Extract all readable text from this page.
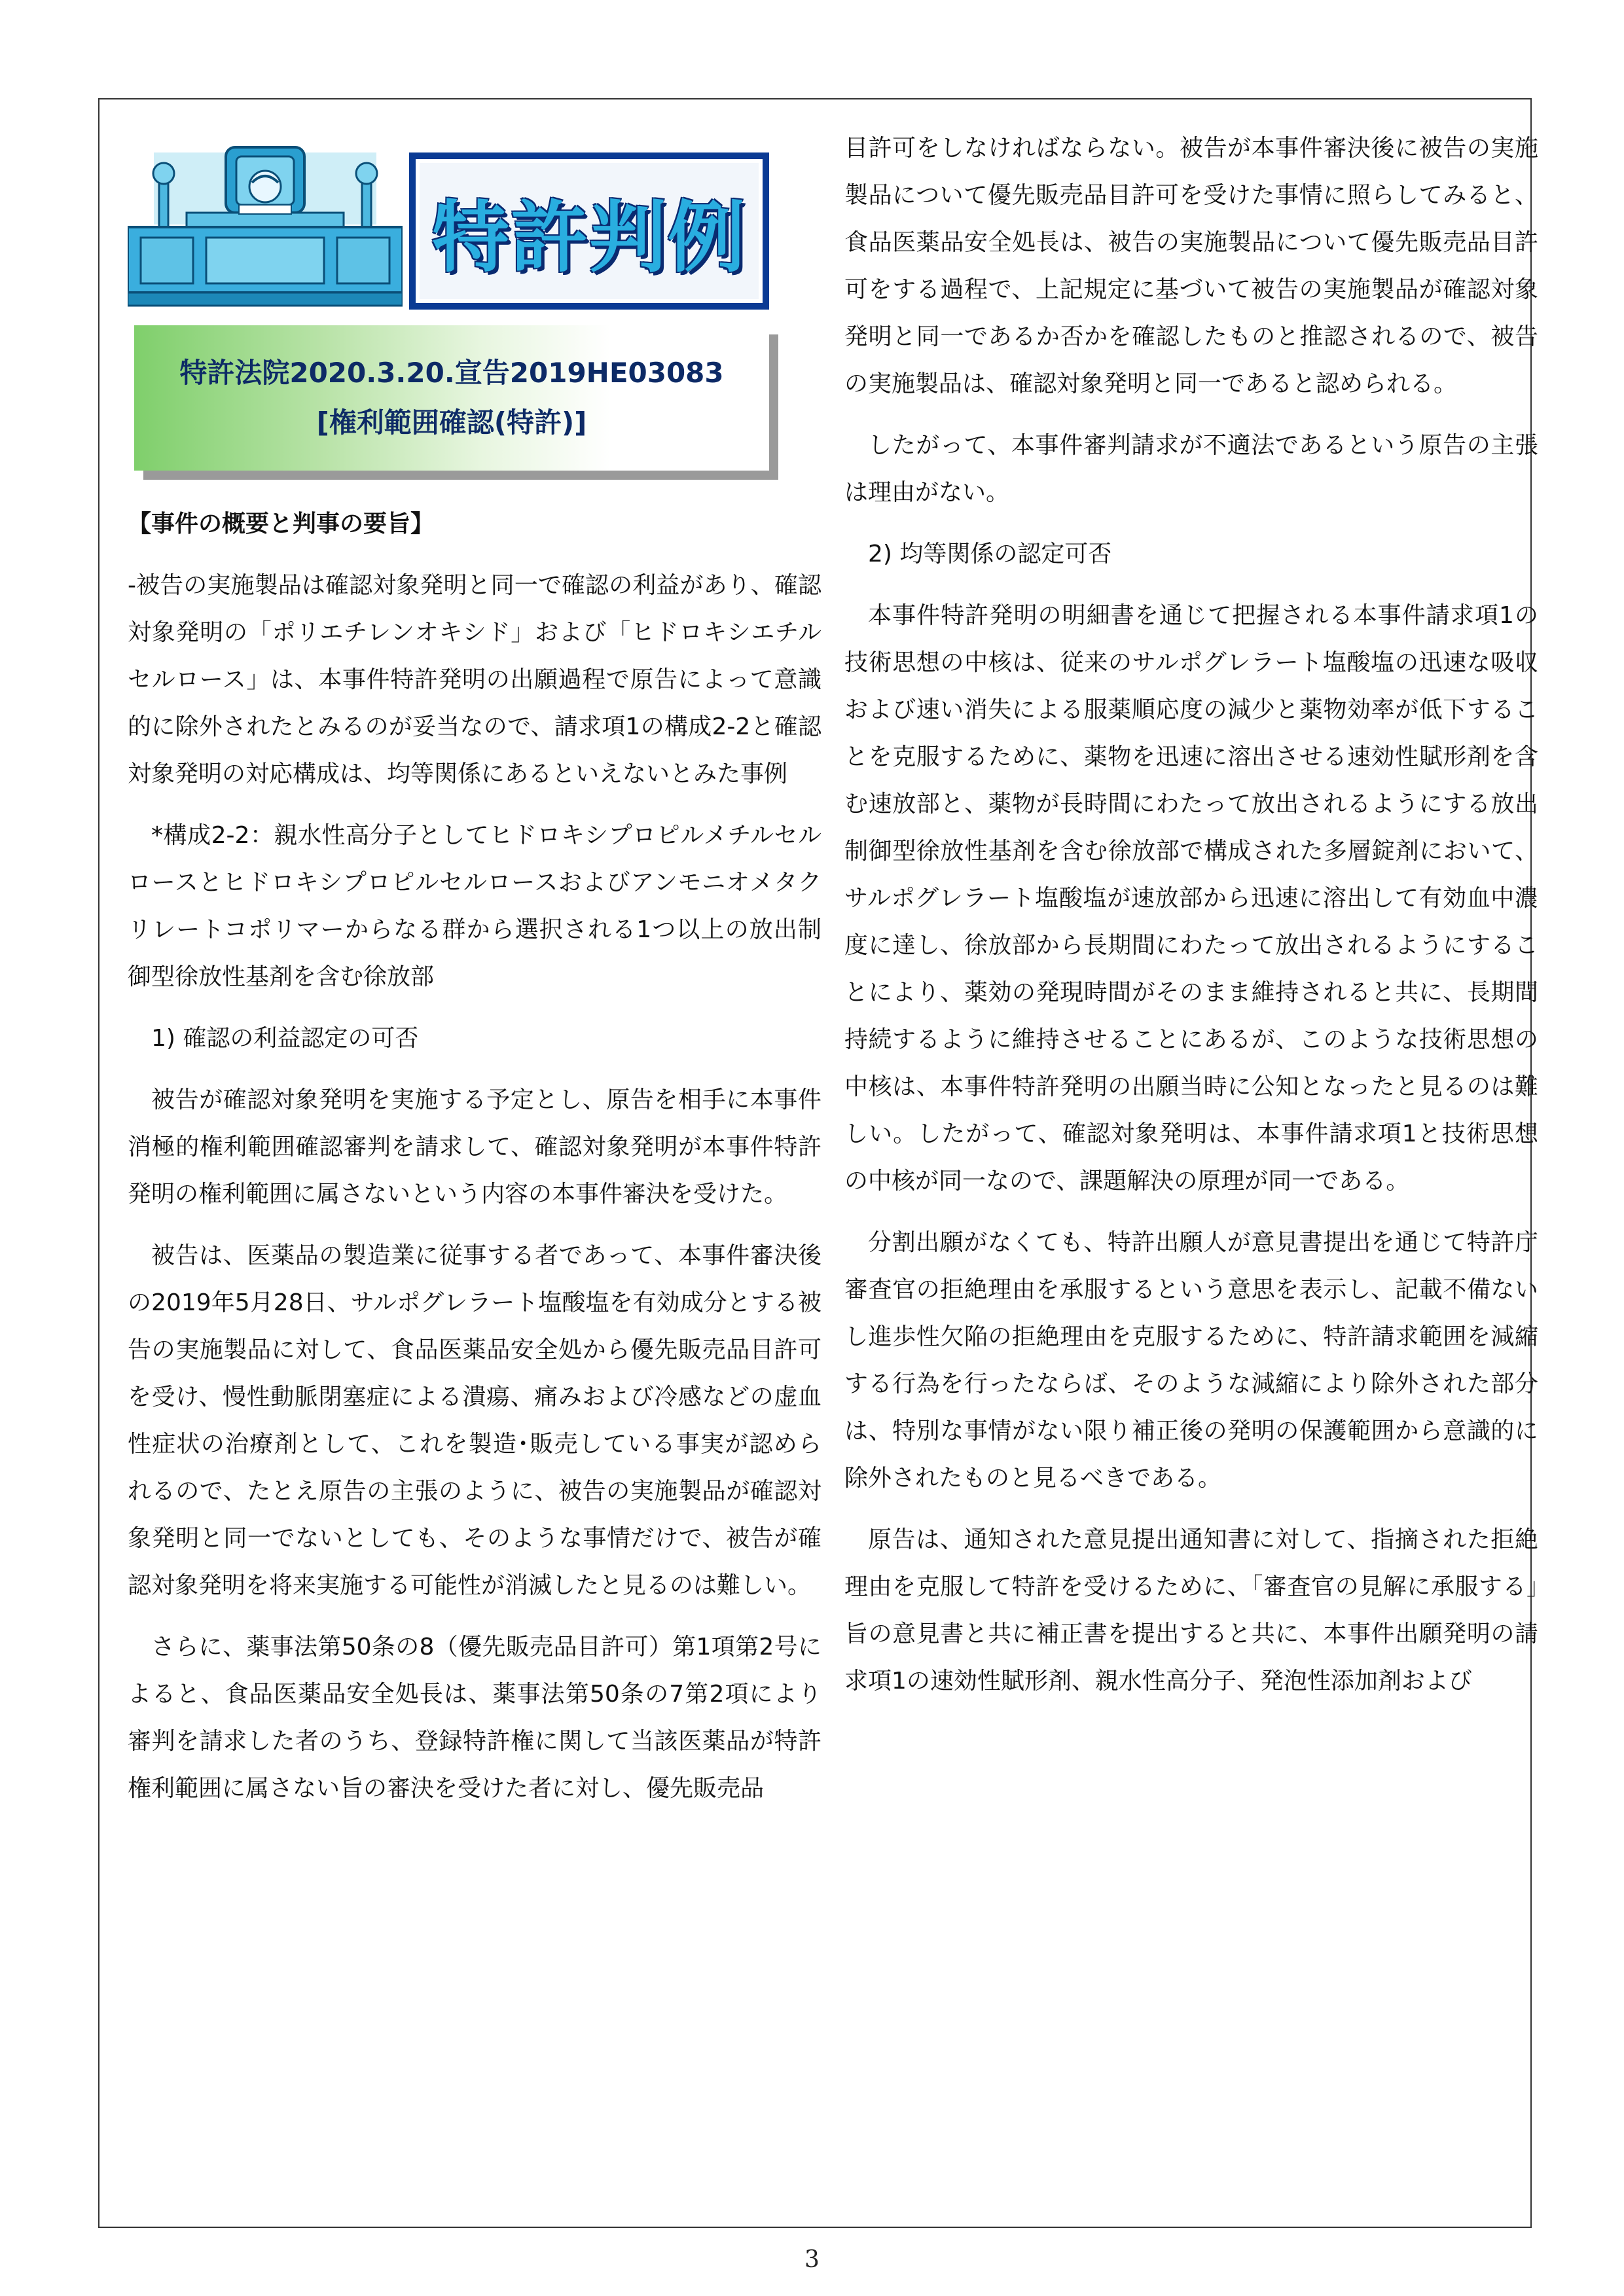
特許判例
特許法院2020.3.20.宣告2019HE03083
[権利範囲確認(特許)]

【事件の概要と判事の要旨】

-被告の実施製品は確認対象発明と同一で確認の利益があり、確認対象発明の「ポリエチレンオキシド」および「ヒドロキシエチルセルロース」は、本事件特許発明の出願過程で原告によって意識的に除外されたとみるのが妥当なので、請求項1の構成2-2と確認対象発明の対応構成は、均等関係にあるといえないとみた事例

*構成2-2：親水性高分子としてヒドロキシプロピルメチルセルロースとヒドロキシプロピルセルロースおよびアンモニオメタクリレートコポリマーからなる群から選択される1つ以上の放出制御型徐放性基剤を含む徐放部

1) 確認の利益認定の可否

被告が確認対象発明を実施する予定とし、原告を相手に本事件消極的権利範囲確認審判を請求して、確認対象発明が本事件特許発明の権利範囲に属さないという内容の本事件審決を受けた。

被告は、医薬品の製造業に従事する者であって、本事件審決後の2019年5月28日、サルポグレラート塩酸塩を有効成分とする被告の実施製品に対して、食品医薬品安全処から優先販売品目許可を受け、慢性動脈閉塞症による潰瘍、痛みおよび冷感などの虚血性症状の治療剤として、これを製造･販売している事実が認められるので、たとえ原告の主張のように、被告の実施製品が確認対象発明と同一でないとしても、そのような事情だけで、被告が確認対象発明を将来実施する可能性が消滅したと見るのは難しい。

さらに、薬事法第50条の8（優先販売品目許可）第1項第2号によると、食品医薬品安全処長は、薬事法第50条の7第2項により審判を請求した者のうち、登録特許権に関して当該医薬品が特許権利範囲に属さない旨の審決を受けた者に対し、優先販売品

目許可をしなければならない。被告が本事件審決後に被告の実施製品について優先販売品目許可を受けた事情に照らしてみると、食品医薬品安全処長は、被告の実施製品について優先販売品目許可をする過程で、上記規定に基づいて被告の実施製品が確認対象発明と同一であるか否かを確認したものと推認されるので、被告の実施製品は、確認対象発明と同一であると認められる。

したがって、本事件審判請求が不適法であるという原告の主張は理由がない。

2) 均等関係の認定可否

本事件特許発明の明細書を通じて把握される本事件請求項1の技術思想の中核は、従来のサルポグレラート塩酸塩の迅速な吸収および速い消失による服薬順応度の減少と薬物効率が低下することを克服するために、薬物を迅速に溶出させる速効性賦形剤を含む速放部と、薬物が長時間にわたって放出されるようにする放出制御型徐放性基剤を含む徐放部で構成された多層錠剤において、サルポグレラート塩酸塩が速放部から迅速に溶出して有効血中濃度に達し、徐放部から長期間にわたって放出されるようにすることにより、薬効の発現時間がそのまま維持されると共に、長期間持続するように維持させることにあるが、このような技術思想の中核は、本事件特許発明の出願当時に公知となったと見るのは難しい。したがって、確認対象発明は、本事件請求項1と技術思想の中核が同一なので、課題解決の原理が同一である。

分割出願がなくても、特許出願人が意見書提出を通じて特許庁審査官の拒絶理由を承服するという意思を表示し、記載不備ないし進歩性欠陥の拒絶理由を克服するために、特許請求範囲を減縮する行為を行ったならば、そのような減縮により除外された部分は、特別な事情がない限り補正後の発明の保護範囲から意識的に除外されたものと見るべきである。

原告は、通知された意見提出通知書に対して、指摘された拒絶理由を克服して特許を受けるために、「審査官の見解に承服する」旨の意見書と共に補正書を提出すると共に、本事件出願発明の請求項1の速効性賦形剤、親水性高分子、発泡性添加剤および

3
